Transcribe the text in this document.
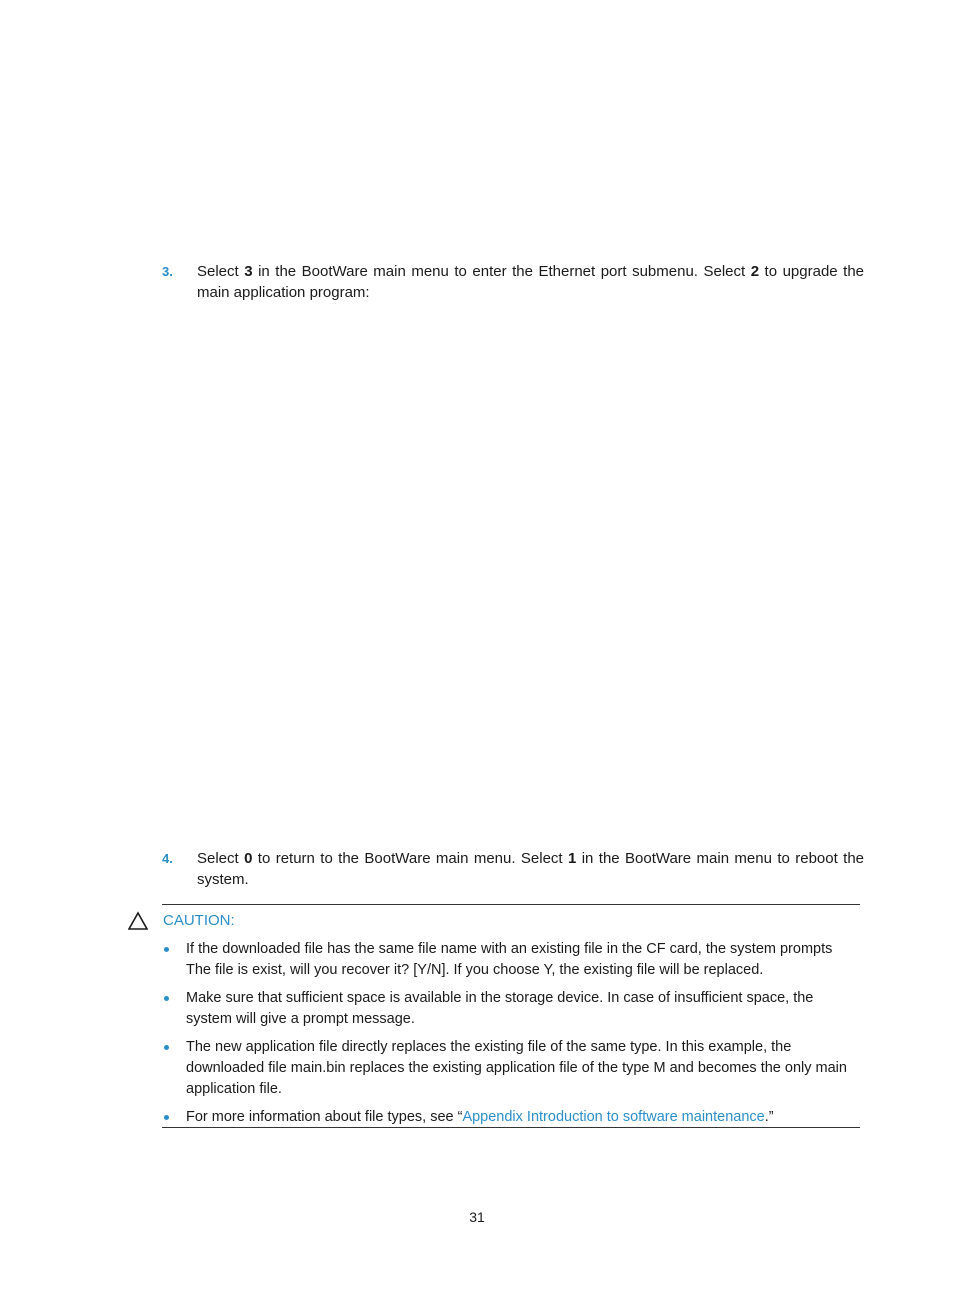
3. Select 3 in the BootWare main menu to enter the Ethernet port submenu. Select 2 to upgrade the main application program:
4. Select 0 to return to the BootWare main menu. Select 1 in the BootWare main menu to reboot the system.
CAUTION:
If the downloaded file has the same file name with an existing file in the CF card, the system prompts The file is exist, will you recover it? [Y/N]. If you choose Y, the existing file will be replaced.
Make sure that sufficient space is available in the storage device. In case of insufficient space, the system will give a prompt message.
The new application file directly replaces the existing file of the same type. In this example, the downloaded file main.bin replaces the existing application file of the type M and becomes the only main application file.
For more information about file types, see “Appendix Introduction to software maintenance.”
31
